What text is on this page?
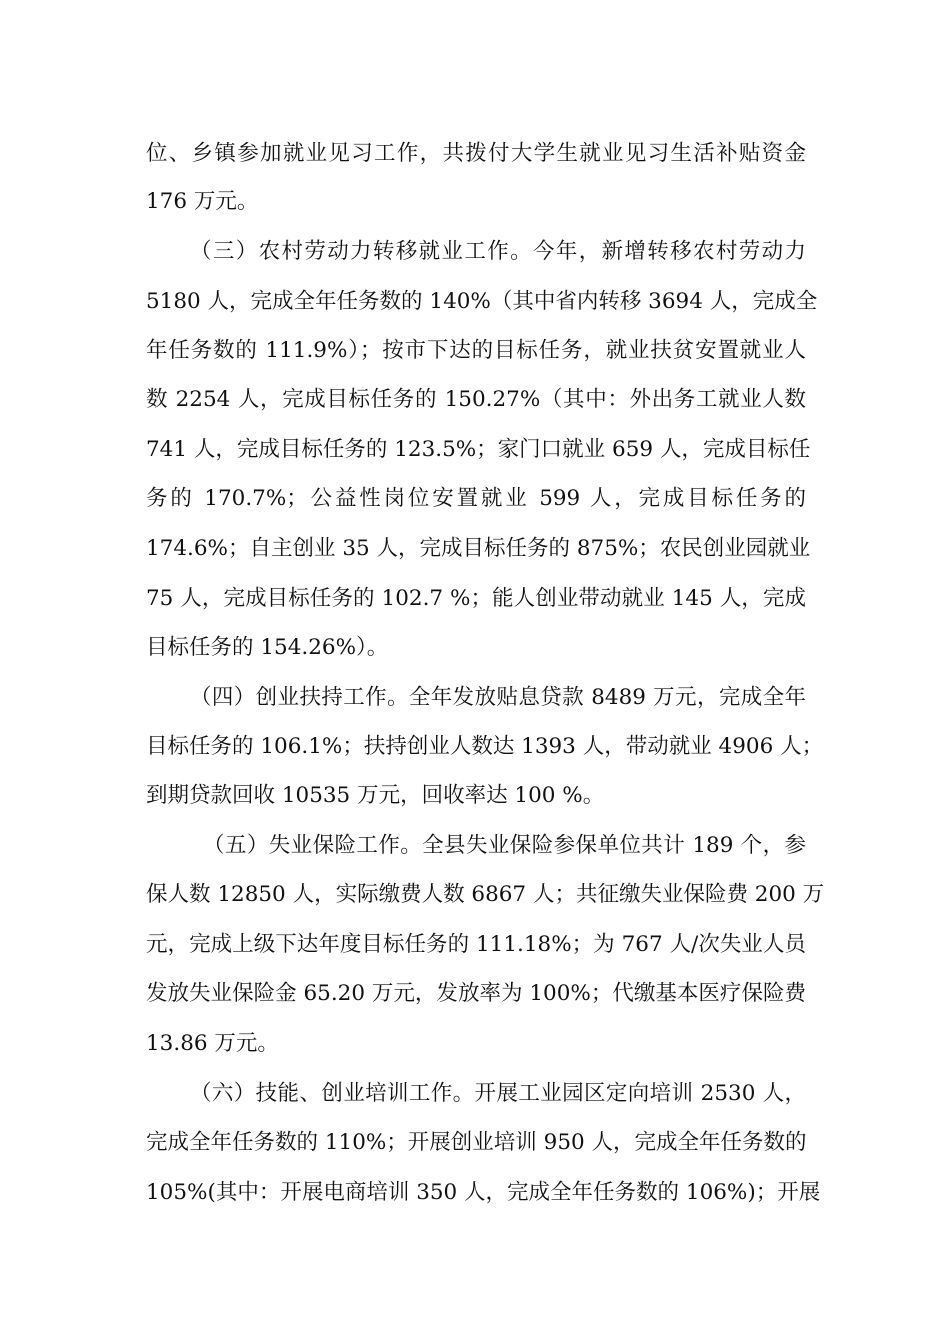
位、乡镇参加就业见习工作，共拨付大学生就业见习生活补贴资金
176 万元。
（三）农村劳动力转移就业工作。今年，新增转移农村劳动力
5180 人，完成全年任务数的 140%（其中省内转移 3694 人，完成全
年任务数的 111.9%）；按市下达的目标任务，就业扶贫安置就业人
数 2254 人，完成目标任务的 150.27%（其中：外出务工就业人数
741 人，完成目标任务的 123.5%；家门口就业 659 人，完成目标任
务的 170.7%；公益性岗位安置就业 599 人，完成目标任务的
174.6%；自主创业 35 人，完成目标任务的 875%；农民创业园就业
75 人，完成目标任务的 102.7 %；能人创业带动就业 145 人，完成
目标任务的 154.26%）。
（四）创业扶持工作。全年发放贴息贷款 8489 万元，完成全年
目标任务的 106.1%；扶持创业人数达 1393 人，带动就业 4906 人；
到期贷款回收 10535 万元，回收率达 100 %。
（五）失业保险工作。全县失业保险参保单位共计 189 个，参
保人数 12850 人，实际缴费人数 6867 人；共征缴失业保险费 200 万
元，完成上级下达年度目标任务的 111.18%；为 767 人/次失业人员
发放失业保险金 65.20 万元，发放率为 100%；代缴基本医疗保险费
13.86 万元。
（六）技能、创业培训工作。开展工业园区定向培训 2530 人，
完成全年任务数的 110%；开展创业培训 950 人，完成全年任务数的
105%(其中：开展电商培训 350 人，完成全年任务数的 106%)；开展
